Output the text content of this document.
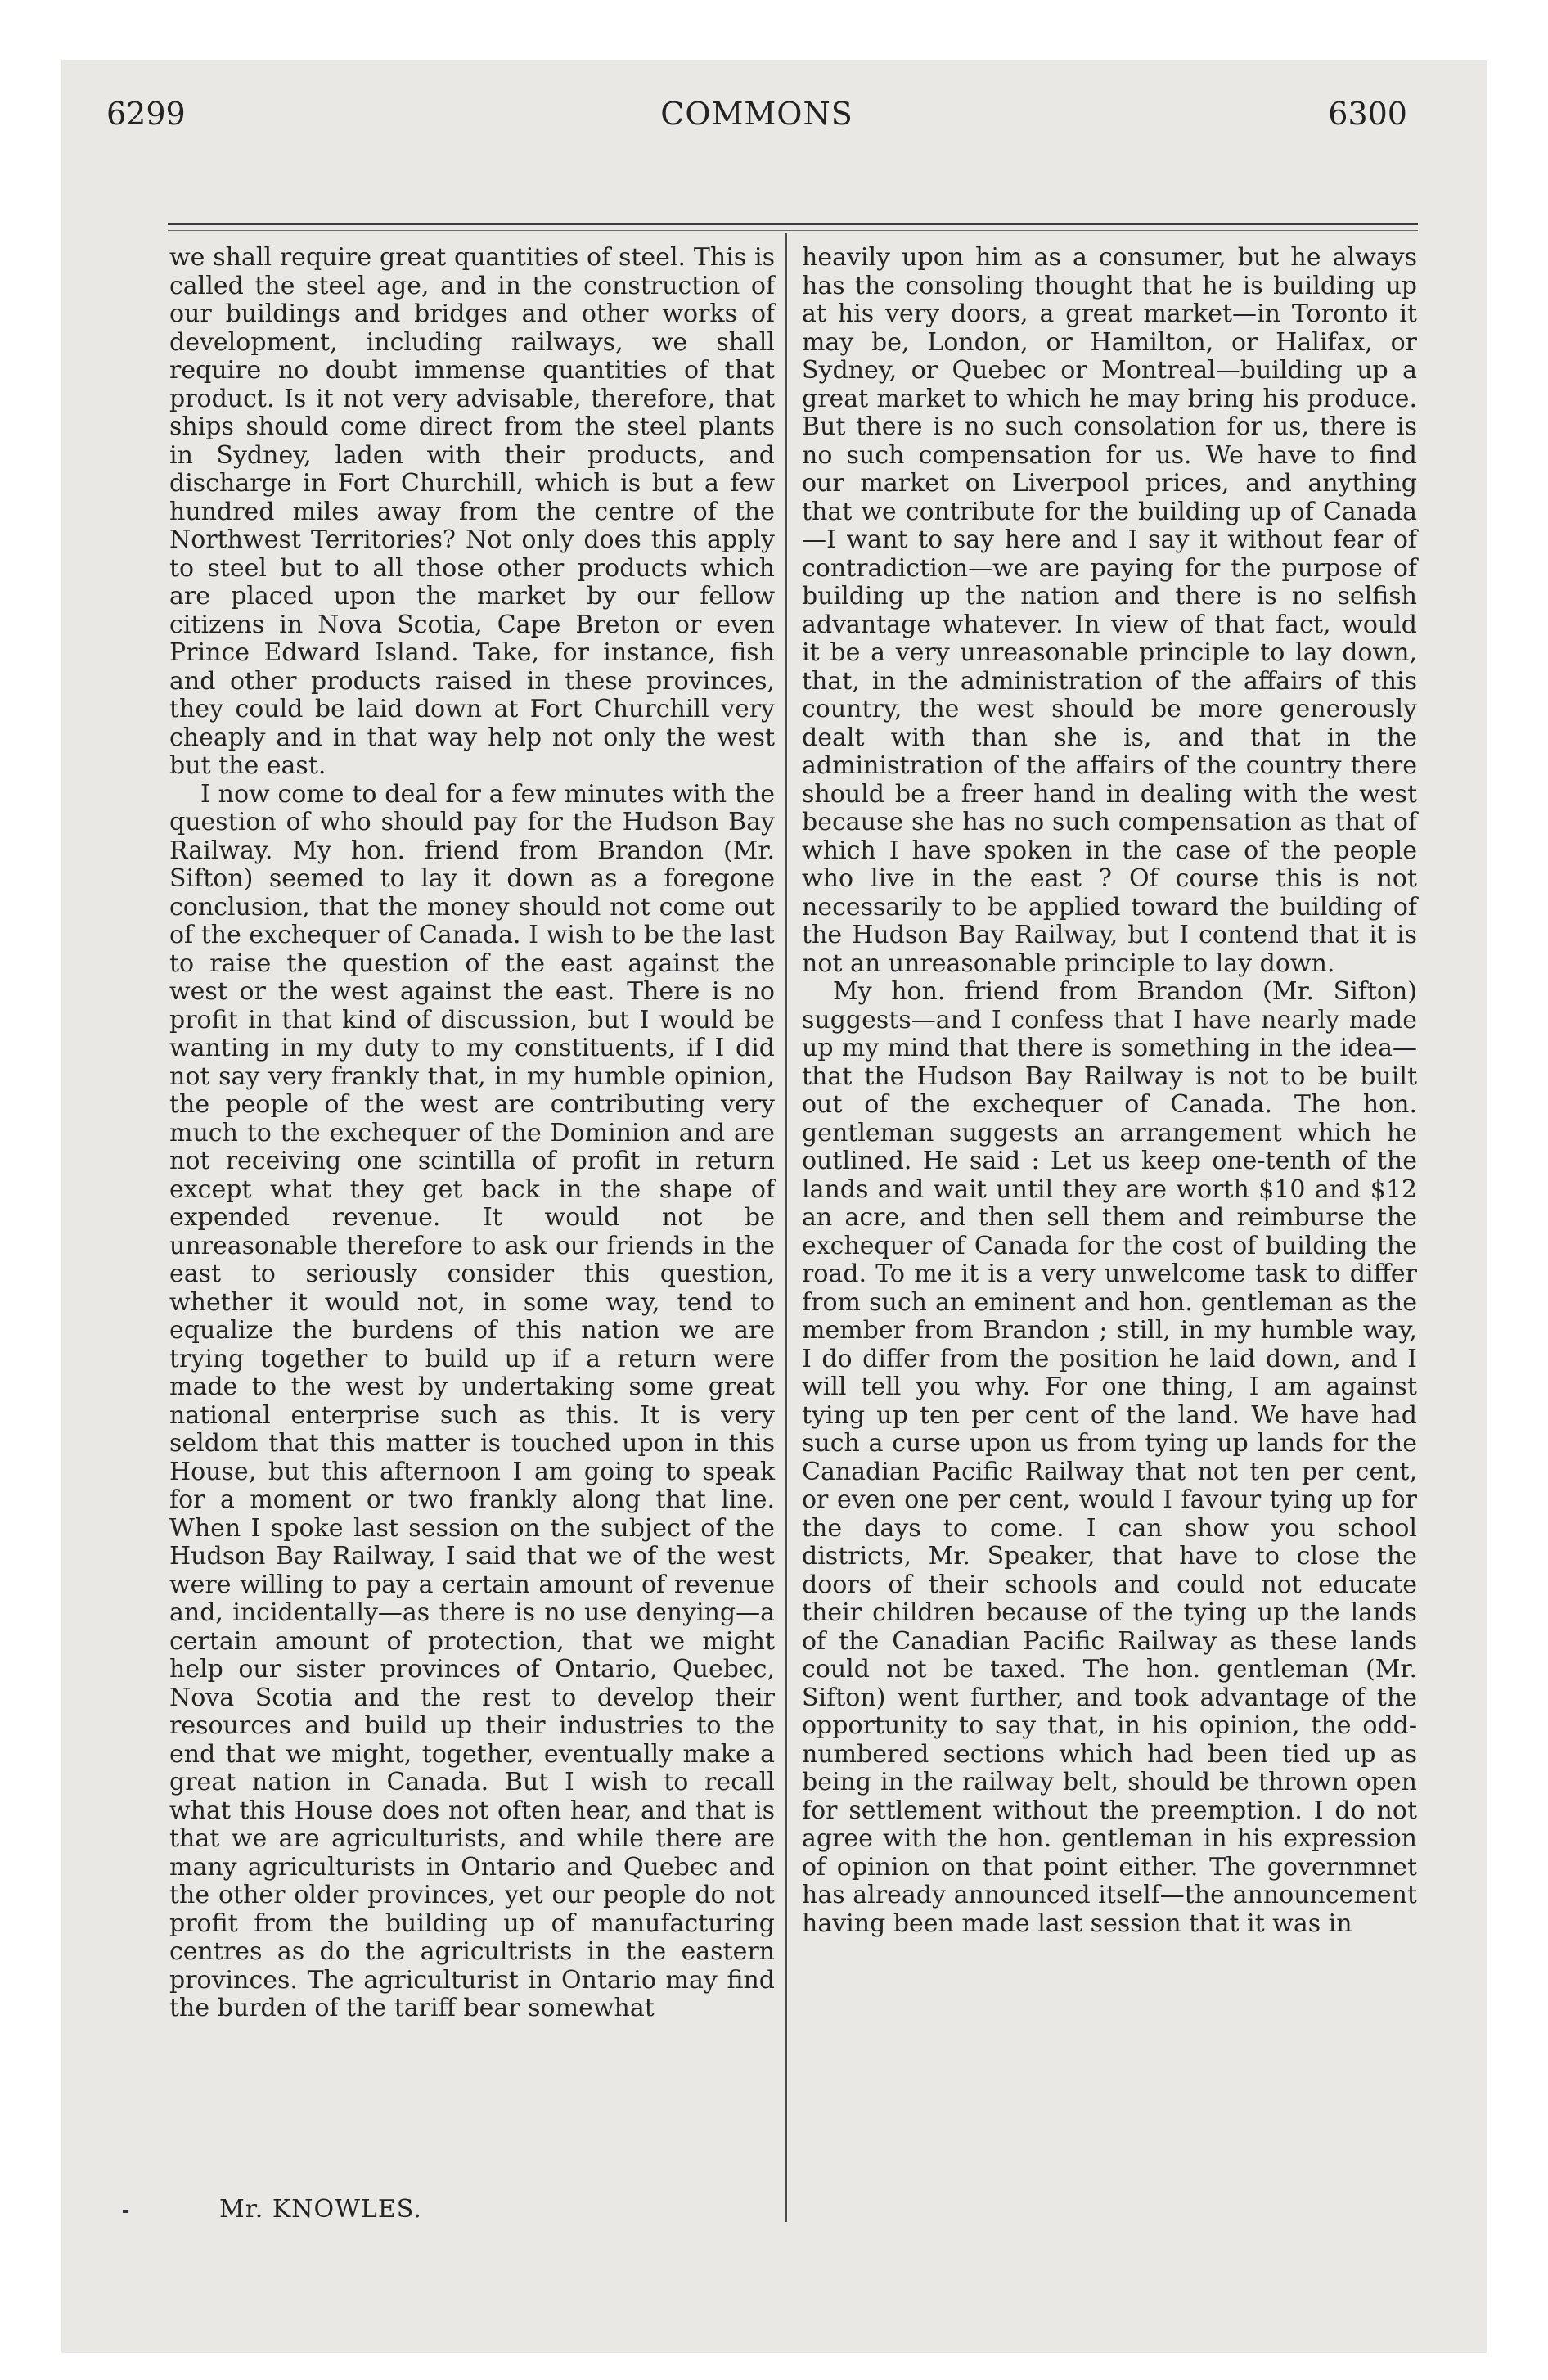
6299	COMMONS	6300

we shall require great quantities of steel. This is called the steel age, and in the construction of our buildings and bridges and other works of development, including railways, we shall require no doubt immense quantities of that product. Is it not very advisable, therefore, that ships should come direct from the steel plants in Sydney, laden with their products, and discharge in Fort Churchill, which is but a few hundred miles away from the centre of the Northwest Territories? Not only does this apply to steel but to all those other products which are placed upon the market by our fellow citizens in Nova Scotia, Cape Breton or even Prince Edward Island. Take, for instance, fish and other products raised in these provinces, they could be laid down at Fort Churchill very cheaply and in that way help not only the west but the east.

I now come to deal for a few minutes with the question of who should pay for the Hudson Bay Railway. My hon. friend from Brandon (Mr. Sifton) seemed to lay it down as a foregone conclusion, that the money should not come out of the exchequer of Canada. I wish to be the last to raise the question of the east against the west or the west against the east. There is no profit in that kind of discussion, but I would be wanting in my duty to my constituents, if I did not say very frankly that, in my humble opinion, the people of the west are contributing very much to the exchequer of the Dominion and are not receiving one scintilla of profit in return except what they get back in the shape of expended revenue. It would not be unreasonable therefore to ask our friends in the east to seriously consider this question, whether it would not, in some way, tend to equalize the burdens of this nation we are trying together to build up if a return were made to the west by undertaking some great national enterprise such as this. It is very seldom that this matter is touched upon in this House, but this afternoon I am going to speak for a moment or two frankly along that line. When I spoke last session on the subject of the Hudson Bay Railway, I said that we of the west were willing to pay a certain amount of revenue and, incidentally—as there is no use denying—a certain amount of protection, that we might help our sister provinces of Ontario, Quebec, Nova Scotia and the rest to develop their resources and build up their industries to the end that we might, together, eventually make a great nation in Canada. But I wish to recall what this House does not often hear, and that is that we are agriculturists, and while there are many agriculturists in Ontario and Quebec and the other older provinces, yet our people do not profit from the building up of manufacturing centres as do the agricultrists in the eastern provinces. The agriculturist in Ontario may find the burden of the tariff bear somewhat

Mr. KNOWLES.

heavily upon him as a consumer, but he always has the consoling thought that he is building up at his very doors, a great market—in Toronto it may be, London, or Hamilton, or Halifax, or Sydney, or Quebec or Montreal—building up a great market to which he may bring his produce. But there is no such consolation for us, there is no such compensation for us. We have to find our market on Liverpool prices, and anything that we contribute for the building up of Canada—I want to say here and I say it without fear of contradiction—we are paying for the purpose of building up the nation and there is no selfish advantage whatever. In view of that fact, would it be a very unreasonable principle to lay down, that, in the administration of the affairs of this country, the west should be more generously dealt with than she is, and that in the administration of the affairs of the country there should be a freer hand in dealing with the west because she has no such compensation as that of which I have spoken in the case of the people who live in the east ? Of course this is not necessarily to be applied toward the building of the Hudson Bay Railway, but I contend that it is not an unreasonable principle to lay down.

My hon. friend from Brandon (Mr. Sifton) suggests—and I confess that I have nearly made up my mind that there is something in the idea—that the Hudson Bay Railway is not to be built out of the exchequer of Canada. The hon. gentleman suggests an arrangement which he outlined. He said : Let us keep one-tenth of the lands and wait until they are worth $10 and $12 an acre, and then sell them and reimburse the exchequer of Canada for the cost of building the road. To me it is a very unwelcome task to differ from such an eminent and hon. gentleman as the member from Brandon ; still, in my humble way, I do differ from the position he laid down, and I will tell you why. For one thing, I am against tying up ten per cent of the land. We have had such a curse upon us from tying up lands for the Canadian Pacific Railway that not ten per cent, or even one per cent, would I favour tying up for the days to come. I can show you school districts, Mr. Speaker, that have to close the doors of their schools and could not educate their children because of the tying up the lands of the Canadian Pacific Railway as these lands could not be taxed. The hon. gentleman (Mr. Sifton) went further, and took advantage of the opportunity to say that, in his opinion, the odd-numbered sections which had been tied up as being in the railway belt, should be thrown open for settlement without the preemption. I do not agree with the hon. gentleman in his expression of opinion on that point either. The governmnet has already announced itself—the announcement having been made last session that it was in
